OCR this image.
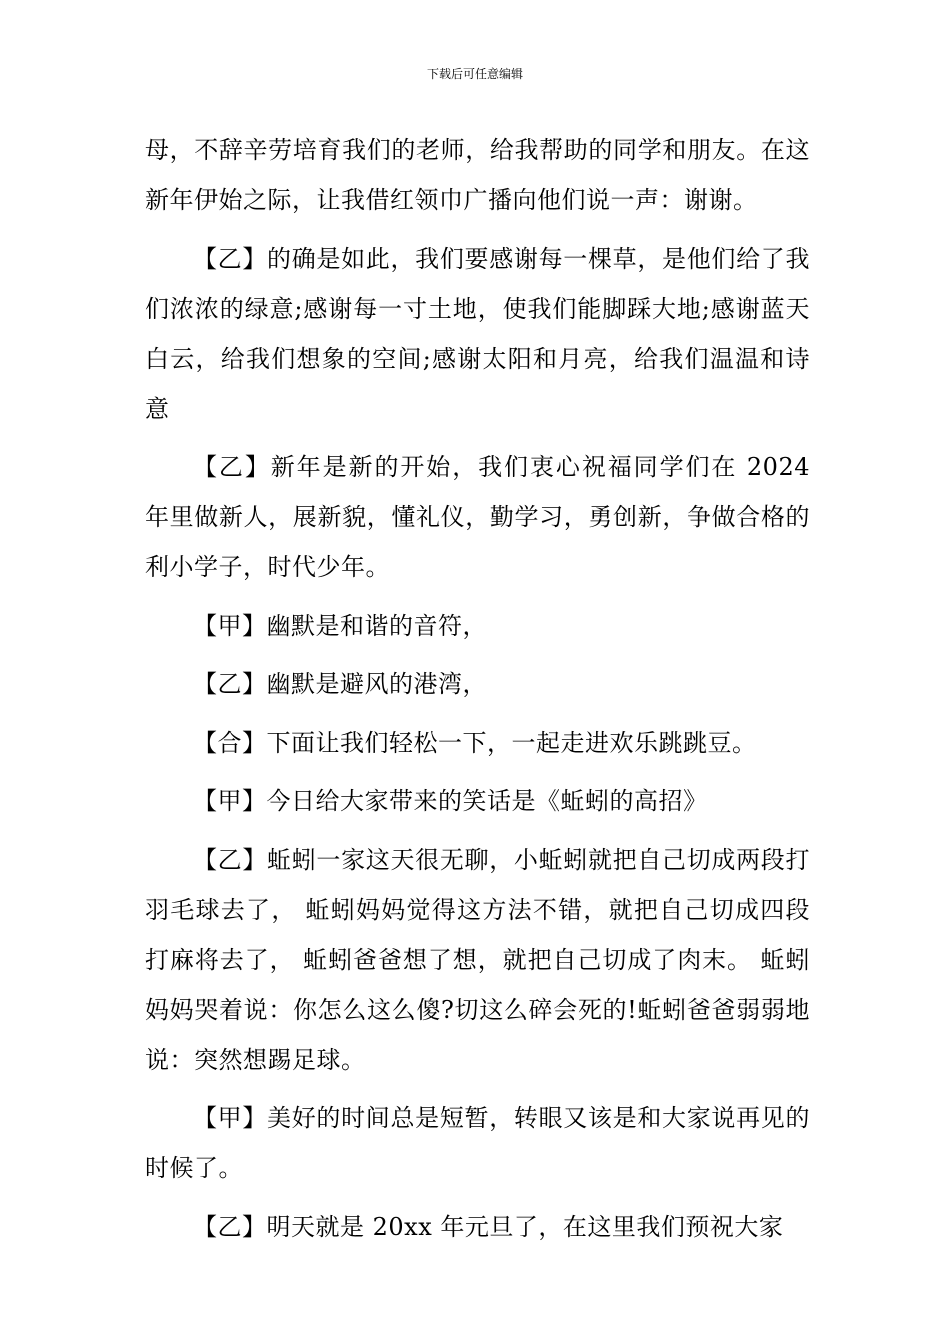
下载后可任意编辑

母，不辞辛劳培育我们的老师，给我帮助的同学和朋友。在这新年伊始之际，让我借红领巾广播向他们说一声：谢谢。

【乙】的确是如此，我们要感谢每一棵草，是他们给了我们浓浓的绿意;感谢每一寸土地，使我们能脚踩大地;感谢蓝天白云，给我们想象的空间;感谢太阳和月亮，给我们温温和诗意

【乙】新年是新的开始，我们衷心祝福同学们在 2024 年里做新人，展新貌，懂礼仪，勤学习，勇创新，争做合格的利小学子，时代少年。

【甲】幽默是和谐的音符，

【乙】幽默是避风的港湾，

【合】下面让我们轻松一下，一起走进欢乐跳跳豆。

【甲】今日给大家带来的笑话是《蚯蚓的高招》

【乙】蚯蚓一家这天很无聊，小蚯蚓就把自己切成两段打羽毛球去了， 蚯蚓妈妈觉得这方法不错，就把自己切成四段打麻将去了， 蚯蚓爸爸想了想，就把自己切成了肉末。 蚯蚓妈妈哭着说：你怎么这么傻?切这么碎会死的!蚯蚓爸爸弱弱地说：突然想踢足球。

【甲】美好的时间总是短暂，转眼又该是和大家说再见的时候了。

【乙】明天就是 20xx 年元旦了，在这里我们预祝大家
